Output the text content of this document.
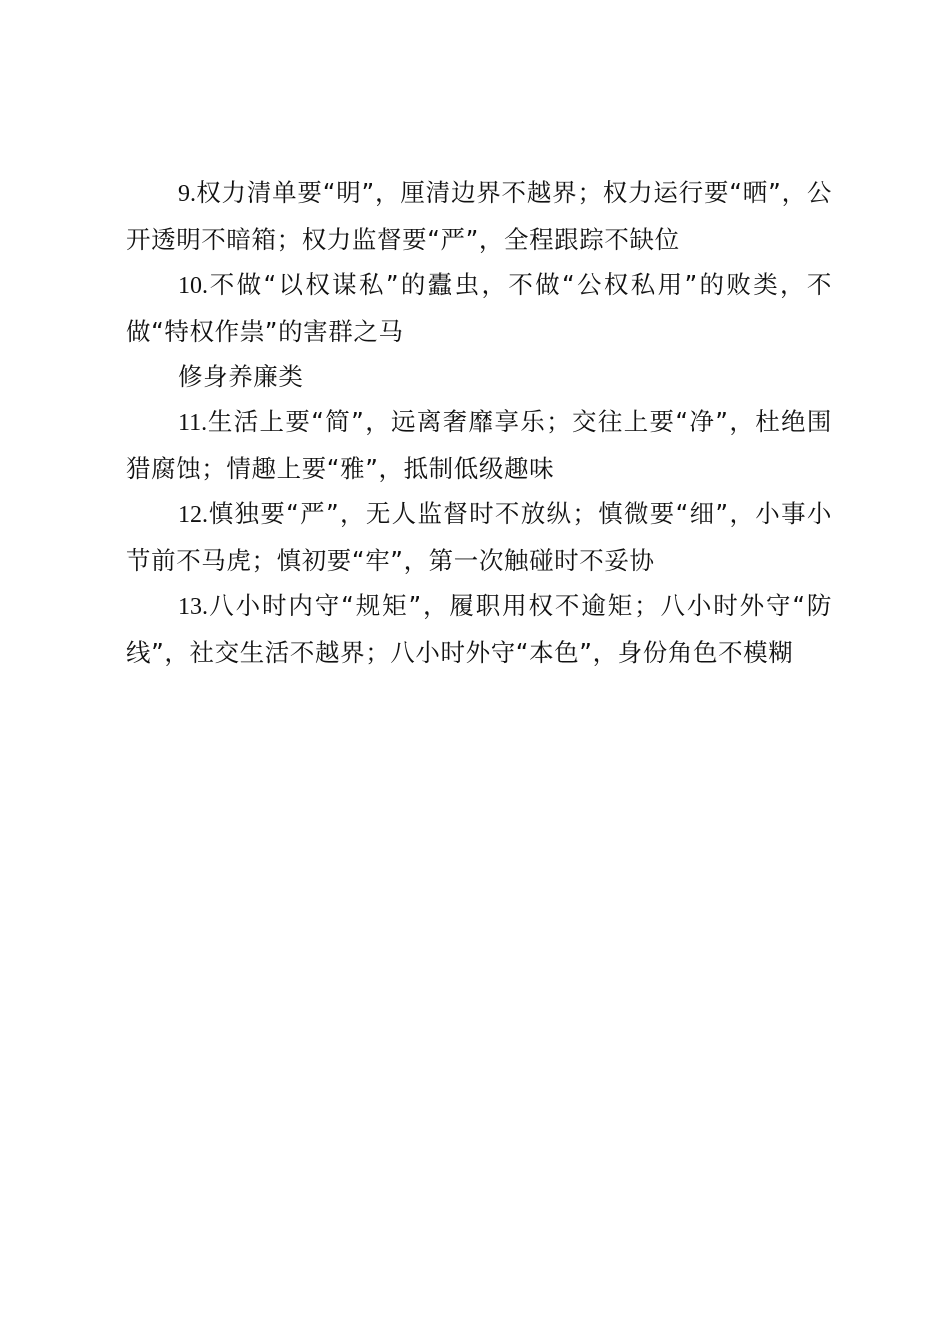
9.权力清单要“明”，厘清边界不越界；权力运行要“晒”，公开透明不暗箱；权力监督要“严”，全程跟踪不缺位

10.不做“以权谋私”的蠹虫，不做“公权私用”的败类，不做“特权作祟”的害群之马

修身养廉类

11.生活上要“简”，远离奢靡享乐；交往上要“净”，杜绝围猎腐蚀；情趣上要“雅”，抵制低级趣味

12.慎独要“严”，无人监督时不放纵；慎微要“细”，小事小节前不马虎；慎初要“牢”，第一次触碰时不妥协

13.八小时内守“规矩”，履职用权不逾矩；八小时外守“防线”，社交生活不越界；八小时外守“本色”，身份角色不模糊
